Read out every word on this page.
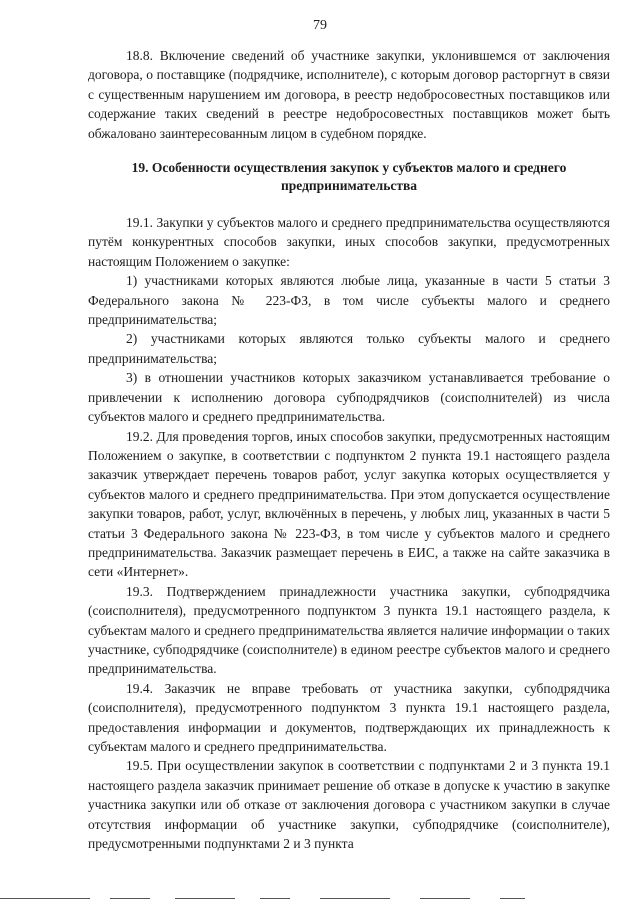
79

18.8. Включение сведений об участнике закупки, уклонившемся от заключения договора, о поставщике (подрядчике, исполнителе), с которым договор расторгнут в связи с существенным нарушением им договора, в реестр недобросовестных поставщиков или содержание таких сведений в реестре недобросовестных поставщиков может быть обжаловано заинтересованным лицом в судебном порядке.

19. Особенности осуществления закупок у субъектов малого и среднего предпринимательства

19.1. Закупки у субъектов малого и среднего предпринимательства осуществляются путём конкурентных способов закупки, иных способов закупки, предусмотренных настоящим Положением о закупке:

1) участниками которых являются любые лица, указанные в части 5 статьи 3 Федерального закона № 223-ФЗ, в том числе субъекты малого и среднего предпринимательства;

2) участниками которых являются только субъекты малого и среднего предпринимательства;

3) в отношении участников которых заказчиком устанавливается требование о привлечении к исполнению договора субподрядчиков (соисполнителей) из числа субъектов малого и среднего предпринимательства.

19.2. Для проведения торгов, иных способов закупки, предусмотренных настоящим Положением о закупке, в соответствии с подпунктом 2 пункта 19.1 настоящего раздела заказчик утверждает перечень товаров работ, услуг закупка которых осуществляется у субъектов малого и среднего предпринимательства. При этом допускается осуществление закупки товаров, работ, услуг, включённых в перечень, у любых лиц, указанных в части 5 статьи 3 Федерального закона № 223-ФЗ, в том числе у субъектов малого и среднего предпринимательства. Заказчик размещает перечень в ЕИС, а также на сайте заказчика в сети «Интернет».

19.3. Подтверждением принадлежности участника закупки, субподрядчика (соисполнителя), предусмотренного подпунктом 3 пункта 19.1 настоящего раздела, к субъектам малого и среднего предпринимательства является наличие информации о таких участнике, субподрядчике (соисполнителе) в едином реестре субъектов малого и среднего предпринимательства.

19.4. Заказчик не вправе требовать от участника закупки, субподрядчика (соисполнителя), предусмотренного подпунктом 3 пункта 19.1 настоящего раздела, предоставления информации и документов, подтверждающих их принадлежность к субъектам малого и среднего предпринимательства.

19.5. При осуществлении закупок в соответствии с подпунктами 2 и 3 пункта 19.1 настоящего раздела заказчик принимает решение об отказе в допуске к участию в закупке участника закупки или об отказе от заключения договора с участником закупки в случае отсутствия информации об участнике закупки, субподрядчике (соисполнителе), предусмотренными подпунктами 2 и 3 пункта
